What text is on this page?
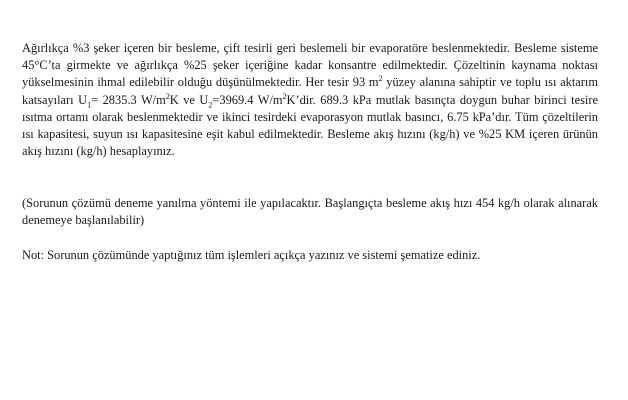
Ağırlıkça %3 şeker içeren bir besleme, çift tesirli geri beslemeli bir evaporatöre beslenmektedir. Besleme sisteme 45°C’ta girmekte ve ağırlıkça %25 şeker içeriğine kadar konsantre edilmektedir. Çözeltinin kaynama noktası yükselmesinin ihmal edilebilir olduğu düşünülmektedir. Her tesir 93 $m^2$ yüzey alanına sahiptir ve toplu ısı aktarım katsayıları $U_1= 2835.3$ $W/m^2K$ ve $U_2=3969.4$ $W/m^2K’dir$. 689.3 kPa mutlak basınçta doygun buhar birinci tesire ısıtma ortamı olarak beslenmektedir ve ikinci tesirdeki evaporasyon mutlak basıncı, 6.75 kPa’dır. Tüm çözeltilerin ısı kapasitesi, suyun ısı kapasitesine eşit kabul edilmektedir. Besleme akış hızını (kg/h) ve %25 KM içeren ürünün akış hızını (kg/h) hesaplayınız.

(Sorunun çözümü deneme yanılma yöntemi ile yapılacaktır. Başlangıçta besleme akış hızı 454 kg/h olarak alınarak denemeye başlanılabilir)

Not: Sorunun çözümünde yaptığınız tüm işlemleri açıkça yazınız ve sistemi şematize ediniz.
